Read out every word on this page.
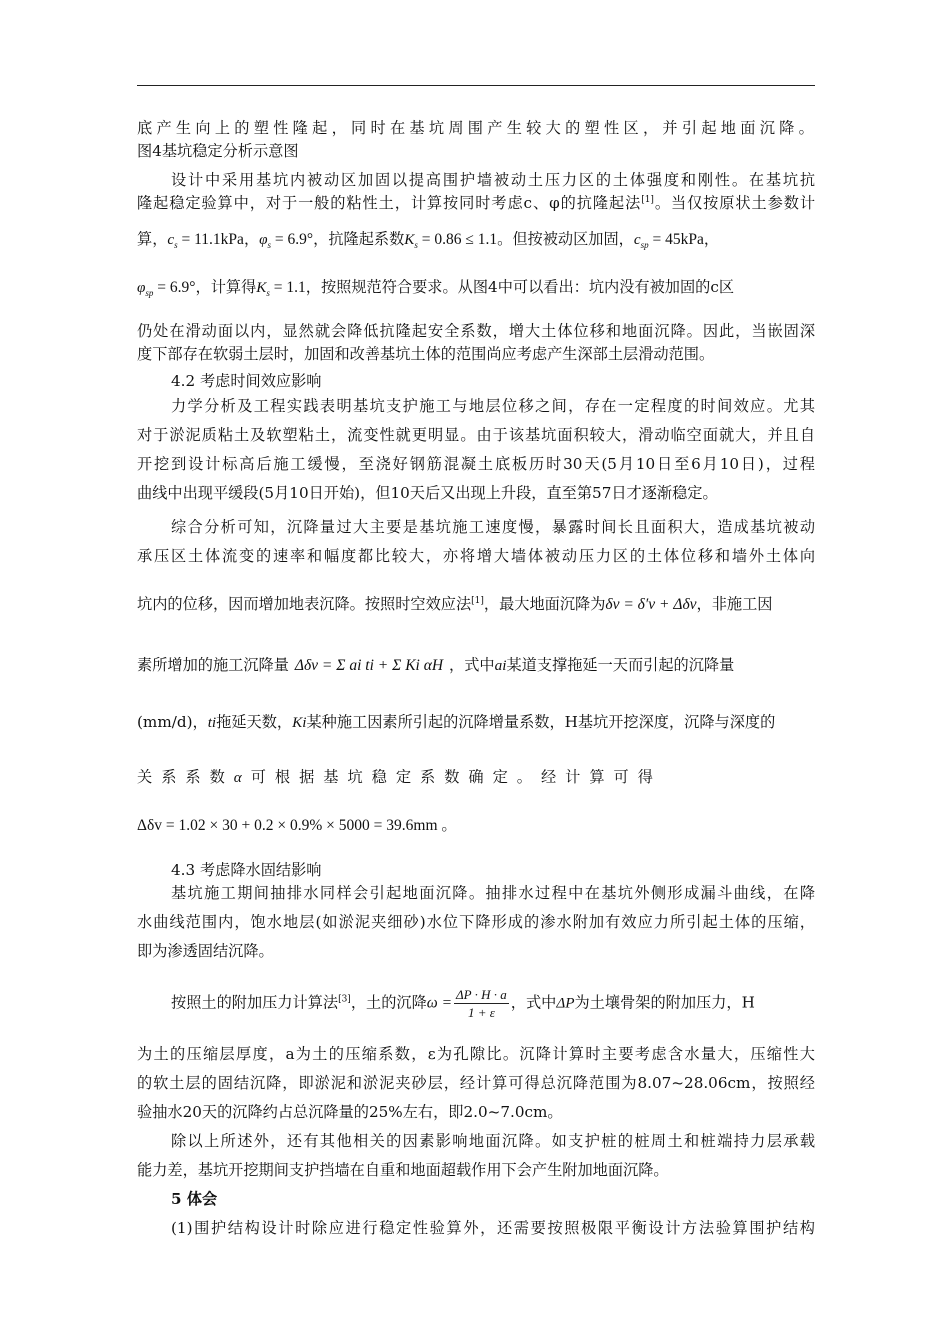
底产生向上的塑性隆起，同时在基坑周围产生较大的塑性区，并引起地面沉降。
图4基坑稳定分析示意图
设计中采用基坑内被动区加固以提高围护墙被动土压力区的土体强度和刚性。在基坑抗
隆起稳定验算中，对于一般的粘性土，计算按同时考虑c、φ的抗隆起法[1]。当仅按原状土参数计
算，$c_s = 11.1kPa$，$\varphi_s = 6.9^\circ$，抗隆起系数$K_s = 0.86 \le 1.1$。但按被动区加固，$c_{sp} = 45kPa$，
$\varphi_{sp} = 6.9^\circ$，计算得$K_s = 1.1$，按照规范符合要求。从图4中可以看出：坑内没有被加固的c区
仍处在滑动面以内，显然就会降低抗隆起安全系数，增大土体位移和地面沉降。因此，当嵌固深
度下部存在软弱土层时，加固和改善基坑土体的范围尚应考虑产生深部土层滑动范围。
4.2 考虑时间效应影响
力学分析及工程实践表明基坑支护施工与地层位移之间，存在一定程度的时间效应。尤其
对于淤泥质粘土及软塑粘土，流变性就更明显。由于该基坑面积较大，滑动临空面就大，并且自
开挖到设计标高后施工缓慢，至浇好钢筋混凝土底板历时30天(5月10日至6月10日)，过程
曲线中出现平缓段(5月10日开始)，但10天后又出现上升段，直至第57日才逐渐稳定。
综合分析可知，沉降量过大主要是基坑施工速度慢，暴露时间长且面积大，造成基坑被动
承压区土体流变的速率和幅度都比较大，亦将增大墙体被动压力区的土体位移和墙外土体向
坑内的位移，因而增加地表沉降。按照时空效应法[1]，最大地面沉降为δv = δ′v + Δδv，非施工因
素所增加的施工沉降量 Δδv = Σ ai ti + Σ Ki αH ，式中ai某道支撑拖延一天而引起的沉降量
(mm/d)，ti拖延天数，Ki某种施工因素所引起的沉降增量系数，H基坑开挖深度，沉降与深度的
关系系数α可根据基坑稳定系数确定。经计算可得
Δδv = 1.02 × 30 + 0.2 × 0.9% × 5000 = 39.6mm 。
4.3 考虑降水固结影响
基坑施工期间抽排水同样会引起地面沉降。抽排水过程中在基坑外侧形成漏斗曲线，在降
水曲线范围内，饱水地层(如淤泥夹细砂)水位下降形成的渗水附加有效应力所引起土体的压缩，
即为渗透固结沉降。
按照土的附加压力计算法[3]，土的沉降$\omega = \frac{\Delta P \cdot H \cdot a}{1 + \varepsilon}$ ，式中ΔP为土壤骨架的附加压力，H
为土的压缩层厚度，a为土的压缩系数，ε为孔隙比。沉降计算时主要考虑含水量大，压缩性大
的软土层的固结沉降，即淤泥和淤泥夹砂层，经计算可得总沉降范围为8.07~28.06cm，按照经
验抽水20天的沉降约占总沉降量的25%左右，即2.0~7.0cm。
除以上所述外，还有其他相关的因素影响地面沉降。如支护桩的桩周土和桩端持力层承载
能力差，基坑开挖期间支护挡墙在自重和地面超载作用下会产生附加地面沉降。
5 体会
(1)围护结构设计时除应进行稳定性验算外，还需要按照极限平衡设计方法验算围护结构
